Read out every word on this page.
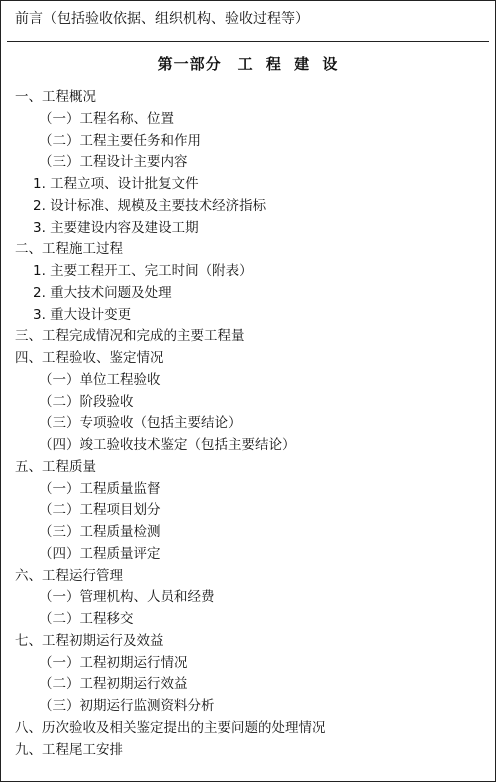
前言（包括验收依据、组织机构、验收过程等）
第一部分　工 程 建 设
一、工程概况
（一）工程名称、位置
（二）工程主要任务和作用
（三）工程设计主要内容
1. 工程立项、设计批复文件
2. 设计标准、规模及主要技术经济指标
3. 主要建设内容及建设工期
二、工程施工过程
1. 主要工程开工、完工时间（附表）
2. 重大技术问题及处理
3. 重大设计变更
三、工程完成情况和完成的主要工程量
四、工程验收、鉴定情况
（一）单位工程验收
（二）阶段验收
（三）专项验收（包括主要结论）
（四）竣工验收技术鉴定（包括主要结论）
五、工程质量
（一）工程质量监督
（二）工程项目划分
（三）工程质量检测
（四）工程质量评定
六、工程运行管理
（一）管理机构、人员和经费
（二）工程移交
七、工程初期运行及效益
（一）工程初期运行情况
（二）工程初期运行效益
（三）初期运行监测资料分析
八、历次验收及相关鉴定提出的主要问题的处理情况
九、工程尾工安排
